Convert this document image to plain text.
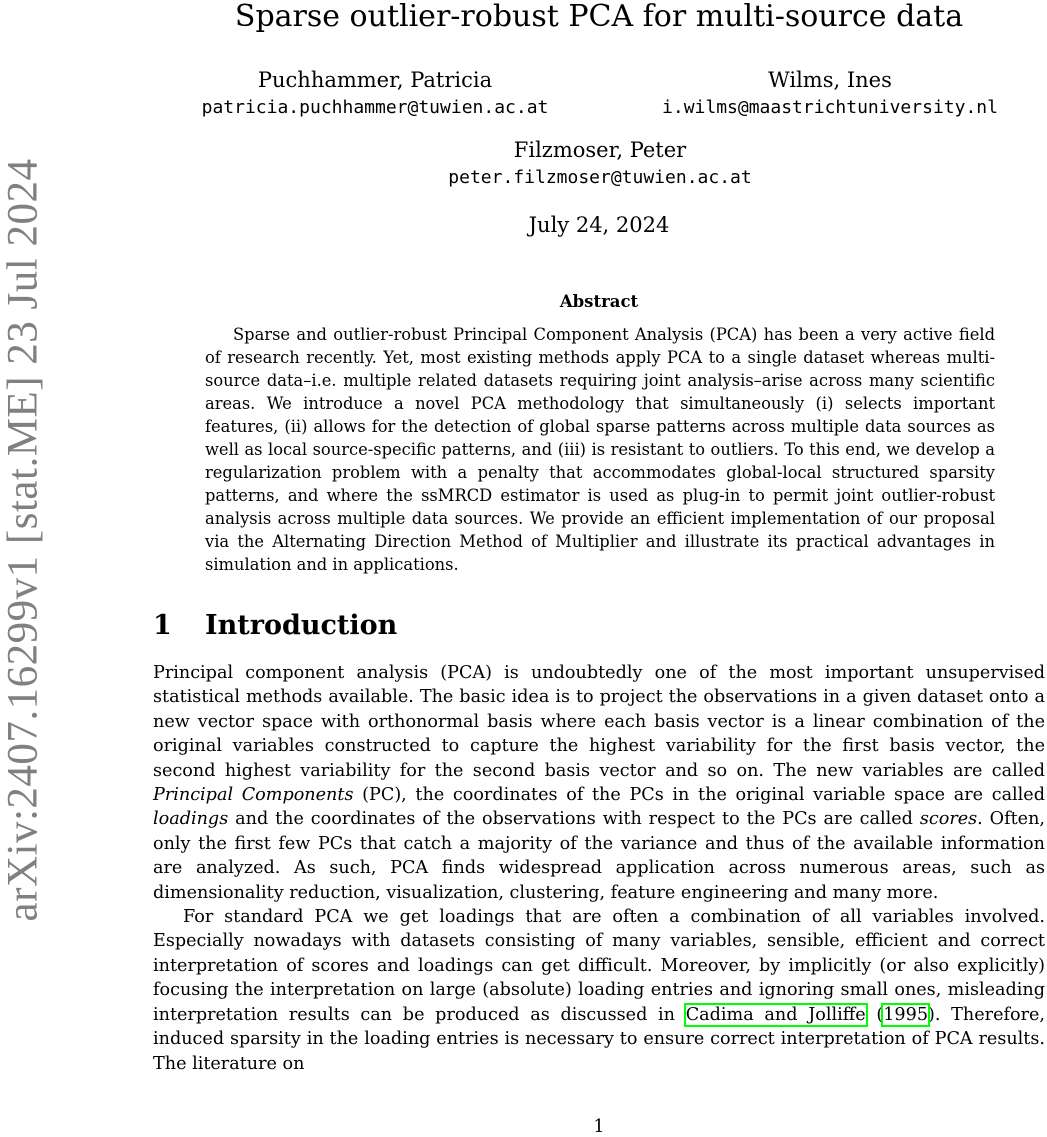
arXiv:2407.16299v1 [stat.ME] 23 Jul 2024
Sparse outlier-robust PCA for multi-source data
Puchhammer, Patricia
patricia.puchhammer@tuwien.ac.at
Wilms, Ines
i.wilms@maastrichtuniversity.nl
Filzmoser, Peter
peter.filzmoser@tuwien.ac.at
July 24, 2024
Abstract

Sparse and outlier-robust Principal Component Analysis (PCA) has been a very active field of research recently. Yet, most existing methods apply PCA to a single dataset whereas multi-source data–i.e. multiple related datasets requiring joint analysis–arise across many scientific areas. We introduce a novel PCA methodology that simultaneously (i) selects important features, (ii) allows for the detection of global sparse patterns across multiple data sources as well as local source-specific patterns, and (iii) is resistant to outliers. To this end, we develop a regularization problem with a penalty that accommodates global-local structured sparsity patterns, and where the ssMRCD estimator is used as plug-in to permit joint outlier-robust analysis across multiple data sources. We provide an efficient implementation of our proposal via the Alternating Direction Method of Multiplier and illustrate its practical advantages in simulation and in applications.

1 Introduction

Principal component analysis (PCA) is undoubtedly one of the most important unsupervised statistical methods available. The basic idea is to project the observations in a given dataset onto a new vector space with orthonormal basis where each basis vector is a linear combination of the original variables constructed to capture the highest variability for the first basis vector, the second highest variability for the second basis vector and so on. The new variables are called Principal Components (PC), the coordinates of the PCs in the original variable space are called loadings and the coordinates of the observations with respect to the PCs are called scores. Often, only the first few PCs that catch a majority of the variance and thus of the available information are analyzed. As such, PCA finds widespread application across numerous areas, such as dimensionality reduction, visualization, clustering, feature engineering and many more.

For standard PCA we get loadings that are often a combination of all variables involved. Especially nowadays with datasets consisting of many variables, sensible, efficient and correct interpretation of scores and loadings can get difficult. Moreover, by implicitly (or also explicitly) focusing the interpretation on large (absolute) loading entries and ignoring small ones, misleading interpretation results can be produced as discussed in Cadima and Jolliffe (1995). Therefore, induced sparsity in the loading entries is necessary to ensure correct interpretation of PCA results. The literature on

1
